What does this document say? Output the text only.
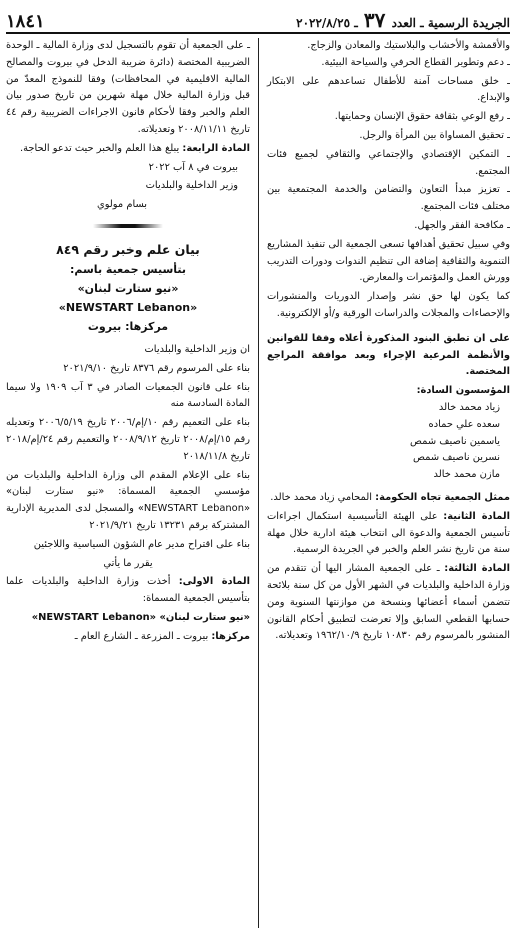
الجريدة الرسمية ـ العدد ٣٧ ـ ٢٠٢٢/٨/٢٥
١٨٤١

والأقمشة والأخشاب والبلاستيك والمعادن والزجاج.

ـ دعم وتطوير القطاع الحرفي والسياحة البيئية.

ـ خلق مساحات آمنة للأطفال تساعدهم على الابتكار والإبداع.

ـ رفع الوعي بثقافة حقوق الإنسان وحمايتها.

ـ تحقيق المساواة بين المرأة والرجل.

ـ التمكين الإقتصادي والإجتماعي والثقافي لجميع فئات المجتمع.

ـ تعزيز مبدأ التعاون والتضامن والخدمة المجتمعية بين مختلف فئات المجتمع.

ـ مكافحة الفقر والجهل.

وفي سبيل تحقيق أهدافها تسعى الجمعية الى تنفيذ المشاريع التنموية والثقافية إضافة الى تنظيم الندوات ودورات التدريب وورش العمل والمؤتمرات والمعارض.

كما يكون لها حق نشر وإصدار الدوريات والمنشورات والإحصاءات والمجلات والدراسات الورقية و/أو الإلكترونية.

على ان تطبق البنود المذكورة أعلاه وفقا للقوانين والأنظمة المرعية الإجراء وبعد موافقة المراجع المختصة.

المؤسسون السادة:

زياد محمد خالد

سعده علي حماده

ياسمين ناصيف شمص

نسرين ناصيف شمص

مازن محمد خالد

ممثل الجمعية تجاه الحكومة: المحامي زياد محمد خالد.

المادة الثانية: على الهيئة التأسيسية استكمال اجراءات تأسيس الجمعية والدعوة الى انتخاب هيئة ادارية خلال مهلة سنة من تاريخ نشر العلم والخبر في الجريدة الرسمية.

المادة الثالثة: ـ على الجمعية المشار اليها أن تتقدم من وزارة الداخلية والبلديات في الشهر الأول من كل سنة بلائحة تتضمن أسماء أعضائها وبنسخة من موازنتها السنوية ومن حسابها القطعي السابق وإلا تعرضت لتطبيق أحكام القانون المنشور بالمرسوم رقم ١٠٨٣٠ تاريخ ١٩٦٢/١٠/٩ وتعديلاته.

ـ على الجمعية أن تقوم بالتسجيل لدى وزارة المالية ـ الوحدة الضريبية المختصة (دائرة ضريبة الدخل في بيروت والمصالح المالية الاقليمية في المحافظات) وفقا للنموذج المعدّ من قبل وزارة المالية خلال مهلة شهرين من تاريخ صدور بيان العلم والخبر وفقا لأحكام قانون الاجراءات الضريبية رقم ٤٤ تاريخ ٢٠٠٨/١١/١١ وتعديلاته.

المادة الرابعة: يبلغ هذا العلم والخبر حيث تدعو الحاجة.

بيروت في ٨ آب ٢٠٢٢

وزير الداخلية والبلديات

بسام مولوي

بيان علم وخبر رقم ٨٤٩

بتأسيس جمعية باسم:

«نيو ستارت لبنان»

«NEWSTART Lebanon»

مركزها: بيروت

ان وزير الداخلية والبلديات

بناء على المرسوم رقم ٨٣٧٦ تاريخ ٢٠٢١/٩/١٠

بناء على قانون الجمعيات الصادر في ٣ آب ١٩٠٩ ولا سيما المادة السادسة منه

بناء على التعميم رقم ١٠/إم/٢٠٠٦ تاريخ ٢٠٠٦/٥/١٩ وتعديله رقم ١٥/إم/٢٠٠٨ تاريخ ٢٠٠٨/٩/١٢ والتعميم رقم ٢٤/إم/٢٠١٨ تاريخ ٢٠١٨/١١/٨

بناء على الإعلام المقدم الى وزارة الداخلية والبلديات من مؤسسي الجمعية المسماة: «نيو ستارت لبنان» «NEWSTART Lebanon» والمسجل لدى المديرية الإدارية المشتركة برقم ١٣٢٣١ تاريخ ٢٠٢١/٩/٢١

بناء على اقتراح مدير عام الشؤون السياسية واللاجئين

يقرر ما يأتي

المادة الاولى: أخذت وزارة الداخلية والبلديات علما بتأسيس الجمعية المسماة:

«نيو ستارت لبنان» «NEWSTART Lebanon»

مركزها: بيروت ـ المزرعة ـ الشارع العام ـ
